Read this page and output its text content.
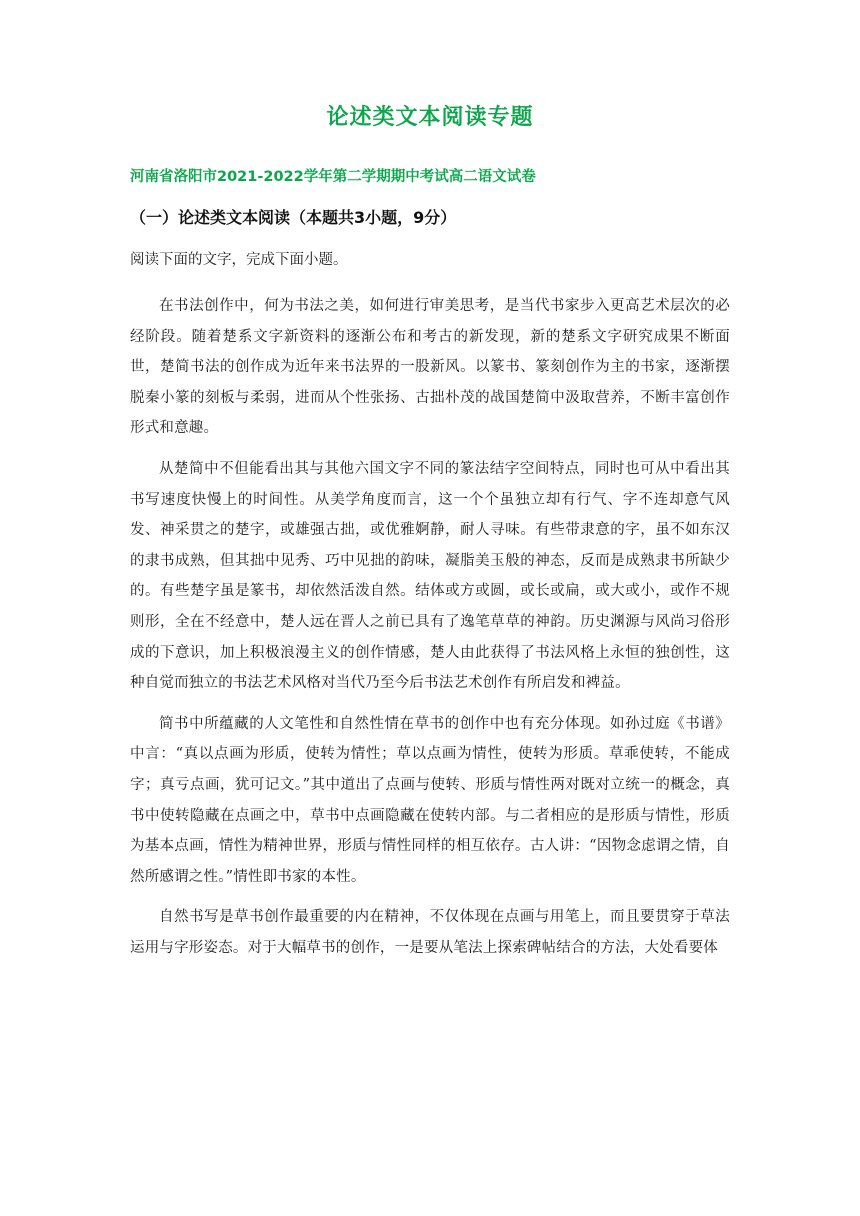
论述类文本阅读专题
河南省洛阳市2021-2022学年第二学期期中考试高二语文试卷
（一）论述类文本阅读（本题共3小题，9分）
阅读下面的文字，完成下面小题。

在书法创作中，何为书法之美，如何进行审美思考，是当代书家步入更高艺术层次的必经阶段。随着楚系文字新资料的逐渐公布和考古的新发现，新的楚系文字研究成果不断面世，楚简书法的创作成为近年来书法界的一股新风。以篆书、篆刻创作为主的书家，逐渐摆脱秦小篆的刻板与柔弱，进而从个性张扬、古拙朴茂的战国楚简中汲取营养，不断丰富创作形式和意趣。

从楚简中不但能看出其与其他六国文字不同的篆法结字空间特点，同时也可从中看出其书写速度快慢上的时间性。从美学角度而言，这一个个虽独立却有行气、字不连却意气风发、神采贯之的楚字，或雄强古拙，或优雅婀静，耐人寻味。有些带隶意的字，虽不如东汉的隶书成熟，但其拙中见秀、巧中见拙的韵味，凝脂美玉般的神态，反而是成熟隶书所缺少的。有些楚字虽是篆书，却依然活泼自然。结体或方或圆，或长或扁，或大或小，或作不规则形，全在不经意中，楚人远在晋人之前已具有了逸笔草草的神韵。历史渊源与风尚习俗形成的下意识，加上积极浪漫主义的创作情感，楚人由此获得了书法风格上永恒的独创性，这种自觉而独立的书法艺术风格对当代乃至今后书法艺术创作有所启发和裨益。

简书中所蕴藏的人文笔性和自然性情在草书的创作中也有充分体现。如孙过庭《书谱》中言：“真以点画为形质，使转为情性；草以点画为情性，使转为形质。草乖使转，不能成字；真亏点画，犹可记文。”其中道出了点画与使转、形质与情性两对既对立统一的概念，真书中使转隐藏在点画之中，草书中点画隐藏在使转内部。与二者相应的是形质与情性，形质为基本点画，情性为精神世界，形质与情性同样的相互依存。古人讲：“因物念虑谓之情，自然所感谓之性。”情性即书家的本性。

自然书写是草书创作最重要的内在精神，不仅体现在点画与用笔上，而且要贯穿于草法运用与字形姿态。对于大幅草书的创作，一是要从笔法上探索碑帖结合的方法，大处看要体
